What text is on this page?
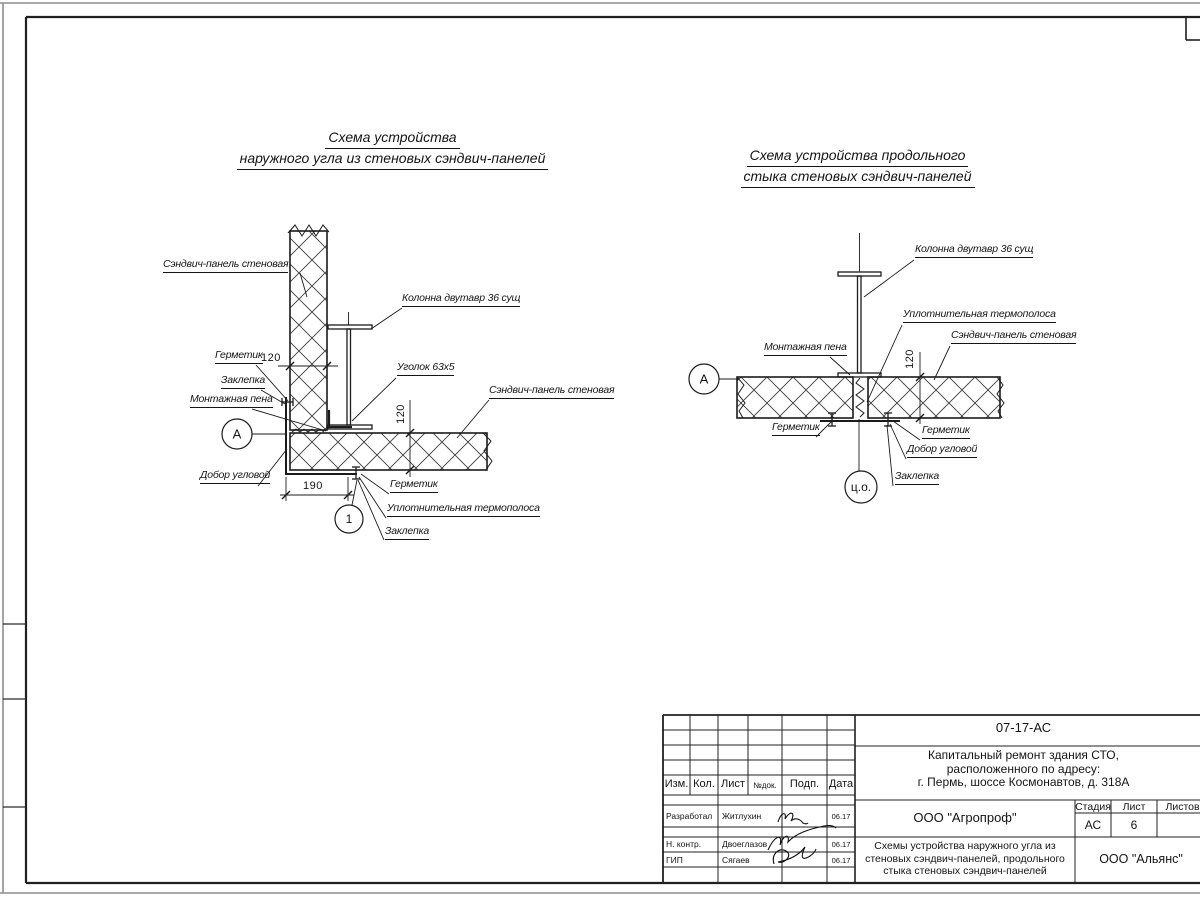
Схема устройства
наружного угла из стеновых сэндвич-панелей	Схема устройства продольного
стыка стеновых сэндвич-панелей
Сэндвич-панель стеновая
Колонна двутавр 36 сущ
Герметик
Заклепка
Монтажная пена
Добор угловой
Уголок 63х5
Сэндвич-панель стеновая
Герметик
Уплотнительная термополоса
Заклепка
120
120
190
А
1
Колонна двутавр 36 сущ
Уплотнительная термополоса
Сэндвич-панель стеновая
Монтажная пена
Герметик	Герметик
Добор угловой
Заклепка
120
А
ц.о.
07-17-АС
Капитальный ремонт здания СТО,
расположенного по адресу:
г. Пермь, шоссе Космонавтов, д. 318А
Изм. Кол. Лист	№док.	Подп. Дата
Разработал Житлухин	06.17
Н. контр. Двоеглазов	06.17
ГИП	Сягаев	06.17
ООО "Агропроф"
Схемы устройства наружного угла из
стеновых сэндвич-панелей, продольного
стыка стеновых сэндвич-панелей
Стадия	Лист	Листов
АС	6
ООО "Альянс"
